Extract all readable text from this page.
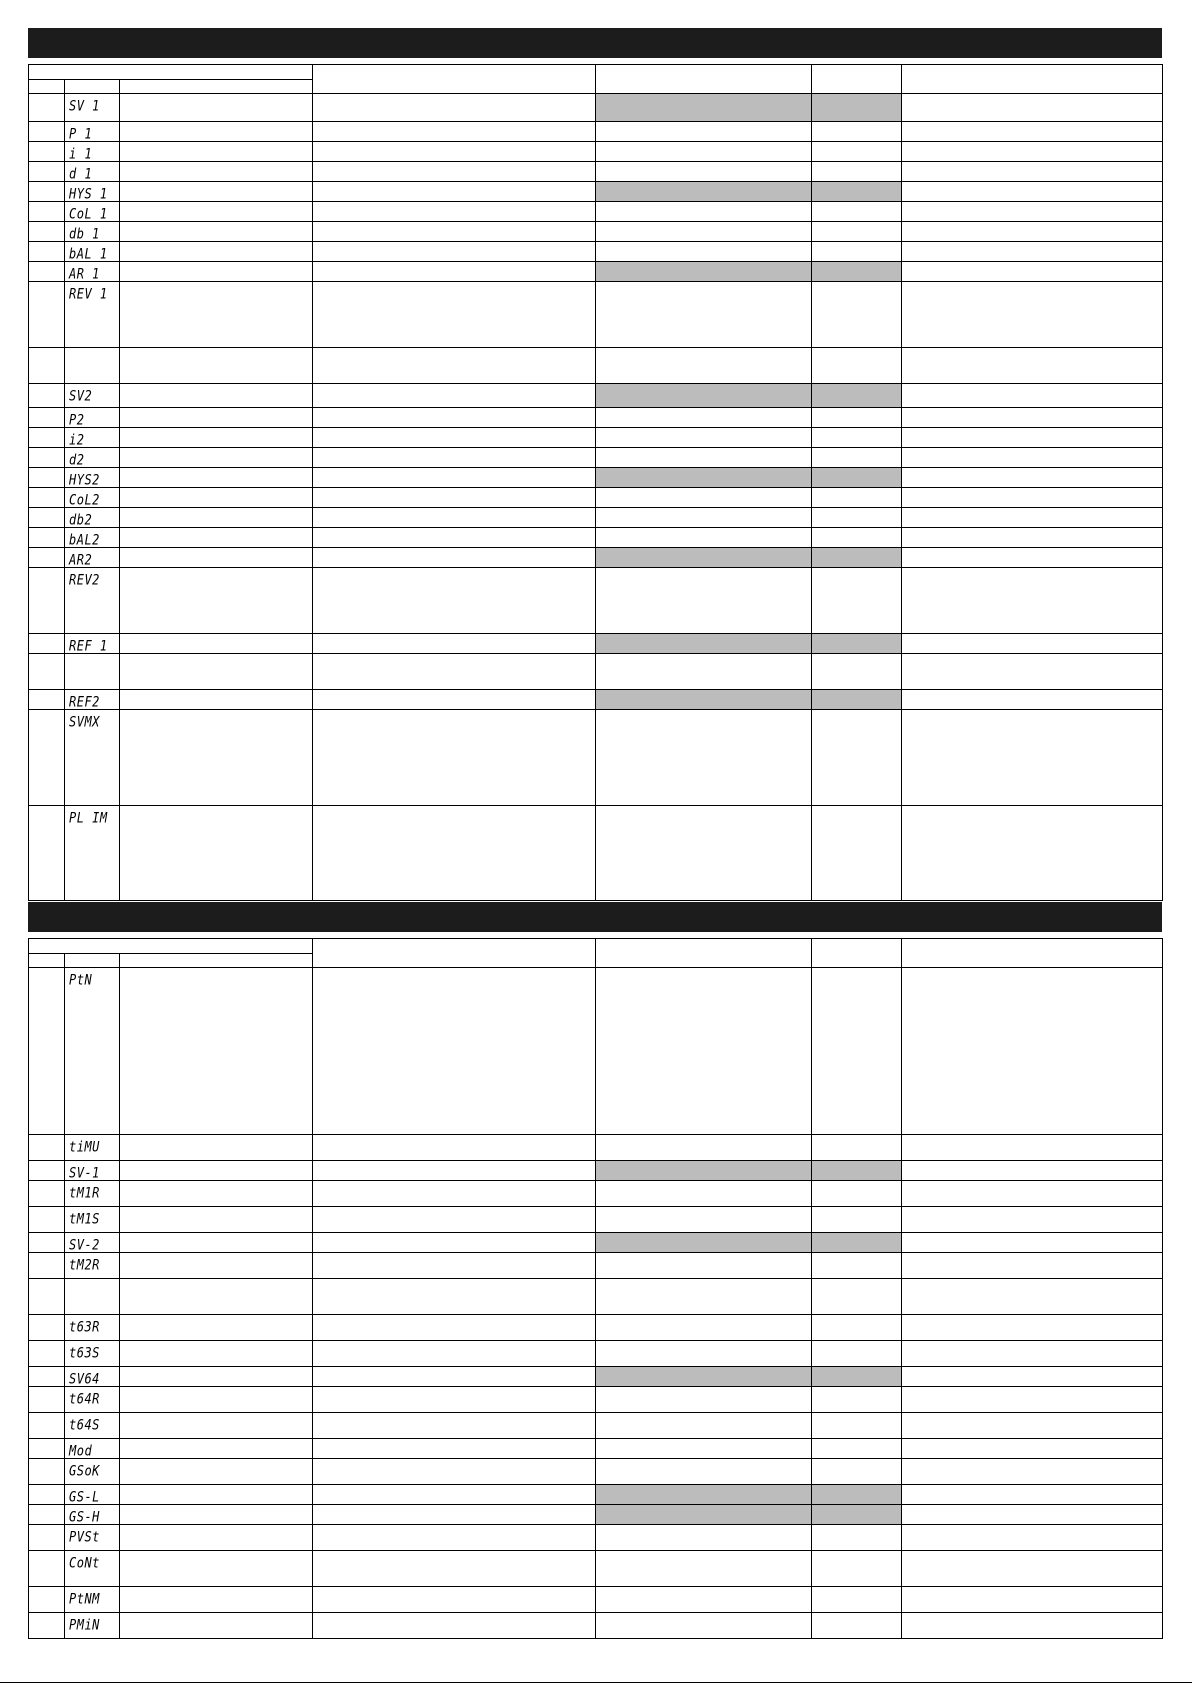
	SV 1					
	P 1					
	i 1					
	d 1					
	HYS 1					
	CoL 1					
	db 1					
	bAL 1					
	AR 1					
	REV 1					

	SV2					
	P2					
	i2					
	d2					
	HYS2					
	CoL2					
	db2					
	bAL2					
	AR2					
	REV2					
	REF 1					

	REF2					
	SVMX					
	PL IM					

	PtN					
	tiMU					
	SV-1					
	tM1R					
	tM1S					
	SV-2					
	tM2R					

	t63R					
	t63S					
	SV64					
	t64R					
	t64S					
	Mod					
	GSoK					
	GS-L					
	GS-H					
	PVSt					
	CoNt					
	PtNM					
	PMiN					
